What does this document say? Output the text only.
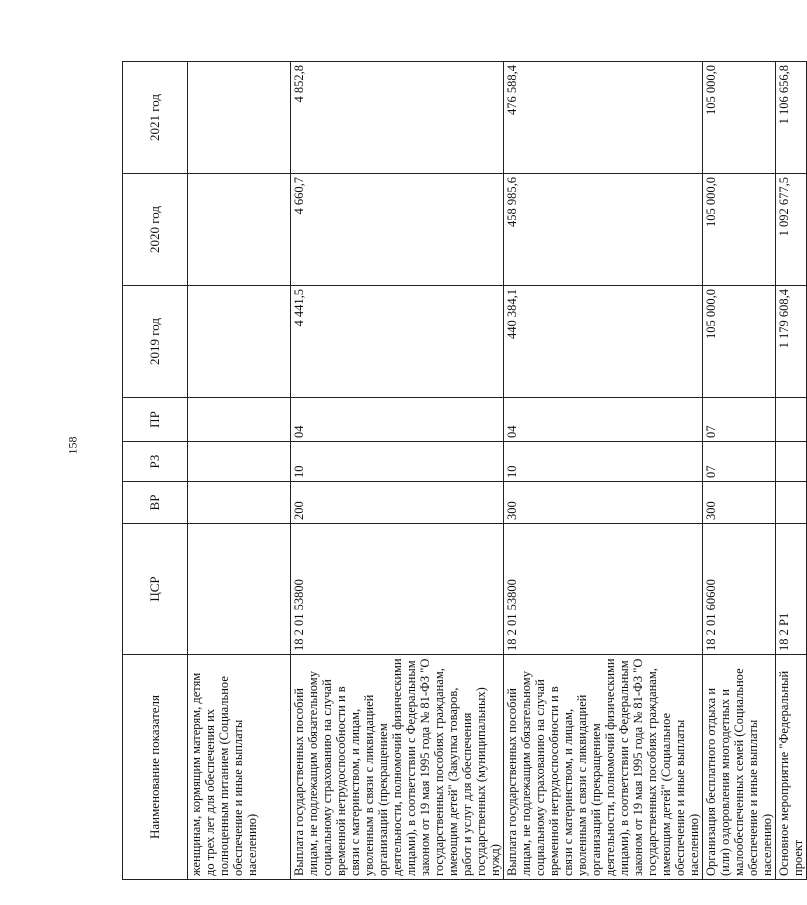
158
Наименование показателя	ЦСР	ВР	РЗ	ПР	2019 год	2020 год	2021 год
женщинам, кормящим матерям, детям до трех лет для обеспечения их полноценным питанием (Социальное обеспечение и иные выплаты населению)							
Выплата государственных пособий лицам, не подлежащим обязательному социальному страхованию на случай временной нетрудоспособности и в связи с материнством, и лицам, уволенным в связи с ликвидацией организаций (прекращением деятельности, полномочий физическими лицами), в соответствии с Федеральным законом от 19 мая 1995 года № 81-ФЗ "О государственных пособиях гражданам, имеющим детей" (Закупка товаров, работ и услуг для обеспечения государственных (муниципальных) нужд)	18 2 01 53800	200	10	04	4 441,5	4 660,7	4 852,8
Выплата государственных пособий лицам, не подлежащим обязательному социальному страхованию на случай временной нетрудоспособности и в связи с материнством, и лицам, уволенным в связи с ликвидацией организаций (прекращением деятельности, полномочий физическими лицами), в соответствии с Федеральным законом от 19 мая 1995 года № 81-ФЗ "О государственных пособиях гражданам, имеющим детей" (Социальное обеспечение и иные выплаты населению)	18 2 01 53800	300	10	04	440 384,1	458 985,6	476 588,4
Организация бесплатного отдыха и (или) оздоровления многодетных и малообеспеченных семей (Социальное обеспечение и иные выплаты населению)	18 2 01 60600	300	07	07	105 000,0	105 000,0	105 000,0
Основное мероприятие "Федеральный проект	18 2 P1				1 179 608,4	1 092 677,5	1 106 656,8
